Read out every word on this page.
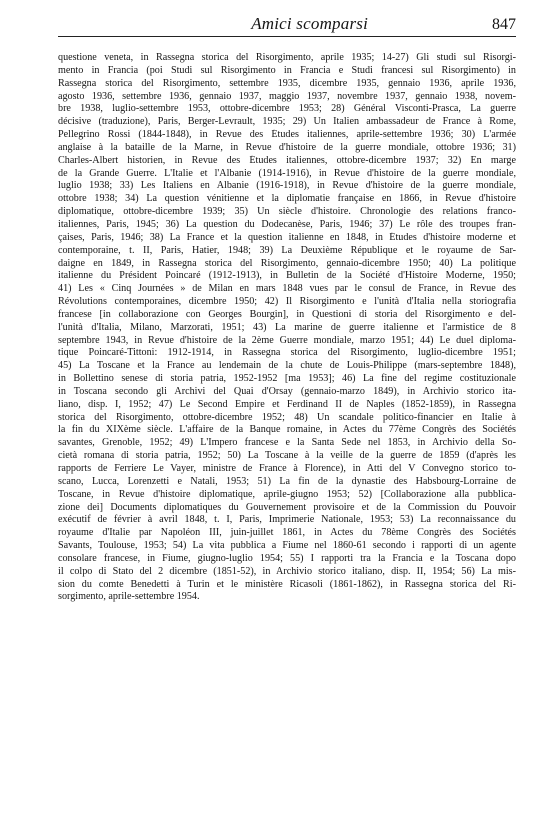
Amici scomparsi	847
questione veneta, in Rassegna storica del Risorgimento, aprile 1935; 14-27) Gli studi sul Risorgi-
mento in Francia (poi Studi sul Risorgimento in Francia e Studi francesi sul Risorgimento) in
Rassegna storica del Risorgimento, settembre 1935, dicembre 1935, gennaio 1936, aprile 1936,
agosto 1936, settembre 1936, gennaio 1937, maggio 1937, novembre 1937, gennaio 1938, novem-
bre 1938, luglio-settembre 1953, ottobre-dicembre 1953; 28) Général Visconti-Prasca, La guerre
décisive (traduzione), Paris, Berger-Levrault, 1935; 29) Un Italien ambassadeur de France à Rome,
Pellegrino Rossi (1844-1848), in Revue des Études italiennes, aprile-settembre 1936; 30) L'armée
anglaise à la bataille de la Marne, in Revue d'histoire de la guerre mondiale, ottobre 1936; 31)
Charles-Albert historien, in Revue des Études italiennes, ottobre-dicembre 1937; 32) En marge
de la Grande Guerre. L'Italie et l'Albanie (1914-1916), in Revue d'histoire de la guerre mondiale,
luglio 1938; 33) Les Italiens en Albanie (1916-1918), in Revue d'histoire de la guerre mondiale,
ottobre 1938; 34) La question vénitienne et la diplomatie française en 1866, in Revue d'histoire
diplomatique, ottobre-dicembre 1939; 35) Un siècle d'histoire. Chronologie des relations franco-
italiennes, Paris, 1945; 36) La question du Dodecanèse, Paris, 1946; 37) Le rôle des troupes fran-
çaises, Paris, 1946; 38) La France et la question italienne en 1848, in Études d'histoire moderne et
contemporaine, t. II, Paris, Hatier, 1948; 39) La Deuxième République et le royaume de Sar-
daigne en 1849, in Rassegna storica del Risorgimento, gennaio-dicembre 1950; 40) La politique
italienne du Président Poincaré (1912-1913), in Bulletin de la Société d'Histoire Moderne, 1950;
41) Les « Cinq Journées » de Milan en mars 1848 vues par le consul de France, in Revue des
Révolutions contemporaines, dicembre 1950; 42) Il Risorgimento e l'unità d'Italia nella storiografia
francese [in collaborazione con Georges Bourgin], in Questioni di storia del Risorgimento e del-
l'unità d'Italia, Milano, Marzorati, 1951; 43) La marine de guerre italienne et l'armistice de 8
septembre 1943, in Revue d'histoire de la 2ème Guerre mondiale, marzo 1951; 44) Le duel diploma-
tique Poincaré-Tittoni: 1912-1914, in Rassegna storica del Risorgimento, luglio-dicembre 1951;
45) La Toscane et la France au lendemain de la chute de Louis-Philippe (mars-septembre 1848),
in Bollettino senese di storia patria, 1952-1952 [ma 1953]; 46) La fine del regime costituzionale
in Toscana secondo gli Archivi del Quai d'Orsay (gennaio-marzo 1849), in Archivio storico ita-
liano, disp. I, 1952; 47) Le Second Empire et Ferdinand II de Naples (1852-1859), in Rassegna
storica del Risorgimento, ottobre-dicembre 1952; 48) Un scandale politico-financier en Italie à
la fin du XIXème siècle. L'affaire de la Banque romaine, in Actes du 77ème Congrès des Sociétés
savantes, Grenoble, 1952; 49) L'Impero francese e la Santa Sede nel 1853, in Archivio della So-
cietà romana di storia patria, 1952; 50) La Toscane à la veille de la guerre de 1859 (d'après les
rapports de Ferriere Le Vayer, ministre de France à Florence), in Atti del V Convegno storico to-
scano, Lucca, Lorenzetti e Natali, 1953; 51) La fin de la dynastie des Habsbourg-Lorraine de
Toscane, in Revue d'histoire diplomatique, aprile-giugno 1953; 52) [Collaborazione alla pubblica-
zione dei] Documents diplomatiques du Gouvernement provisoire et de la Commission du Pouvoir
exécutif de février à avril 1848, t. I, Paris, Imprimerie Nationale, 1953; 53) La reconnaissance du
royaume d'Italie par Napoléon III, juin-juillet 1861, in Actes du 78ème Congrès des Sociétés
Savants, Toulouse, 1953; 54) La vita pubblica a Fiume nel 1860-61 secondo i rapporti di un agente
consolare francese, in Fiume, giugno-luglio 1954; 55) I rapporti tra la Francia e la Toscana dopo
il colpo di Stato del 2 dicembre (1851-52), in Archivio storico italiano, disp. II, 1954; 56) La mis-
sion du comte Benedetti à Turin et le ministère Ricasoli (1861-1862), in Rassegna storica del Ri-
sorgimento, aprile-settembre 1954.
